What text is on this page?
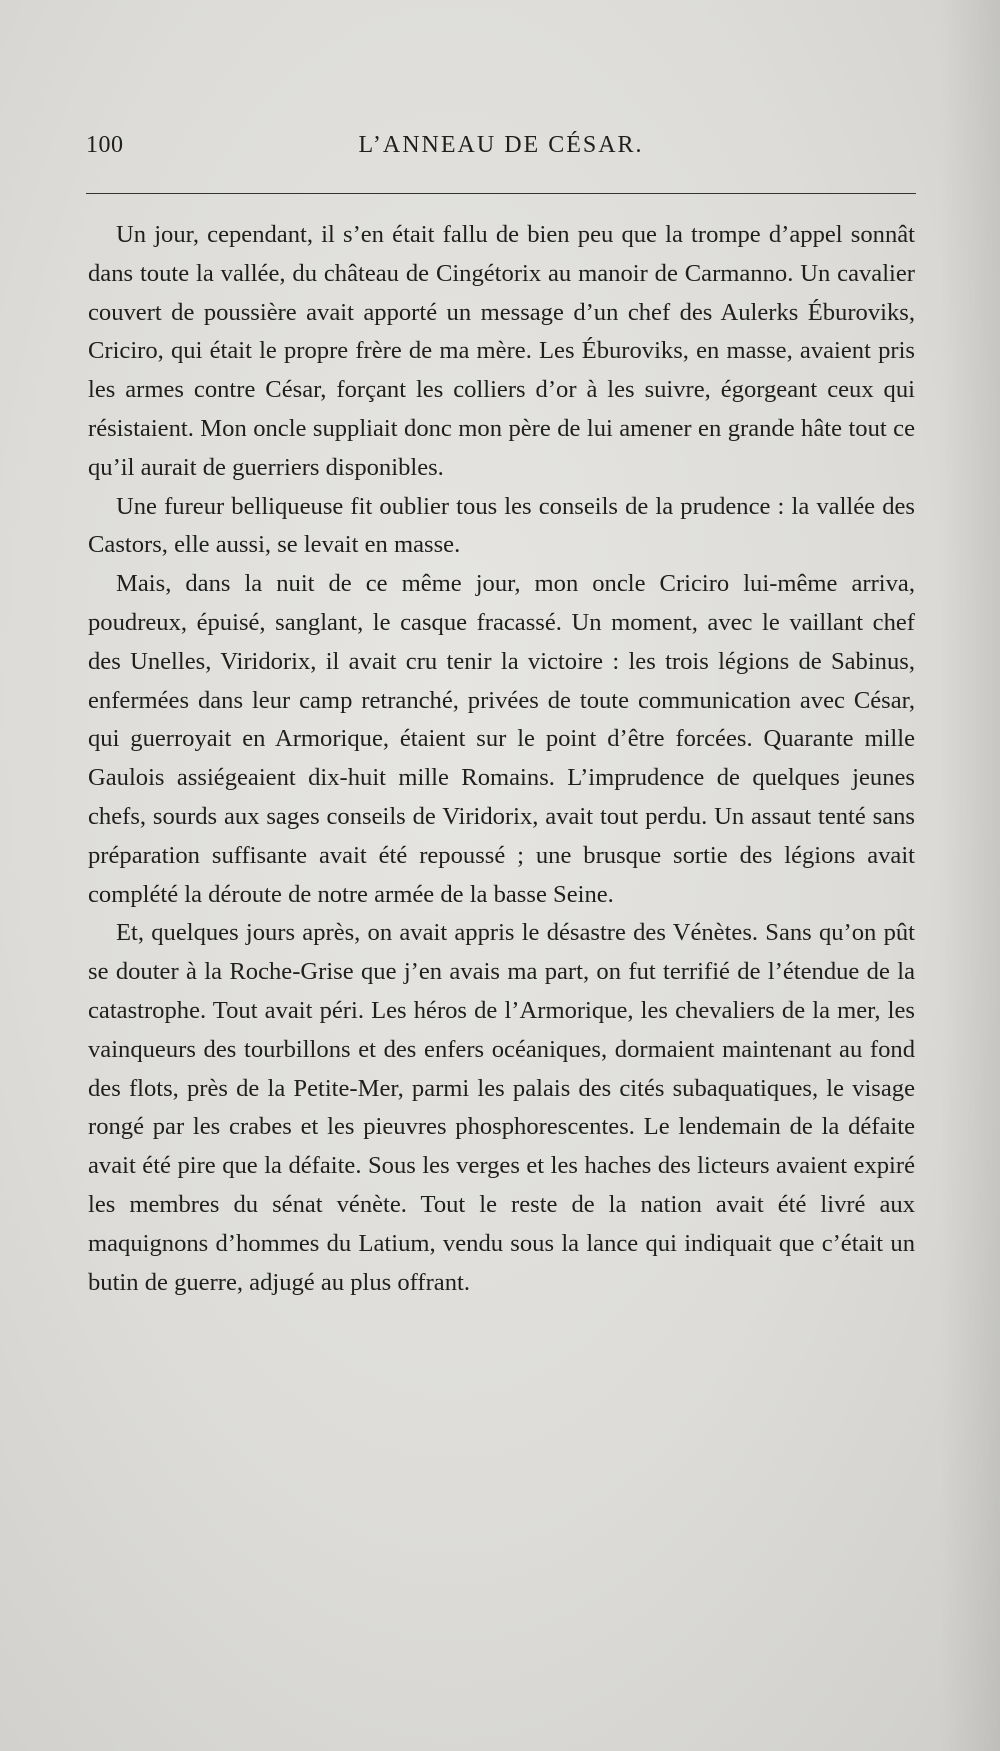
100	L’ANNEAU DE CÉSAR.

Un jour, cependant, il s’en était fallu de bien peu que la trompe d’appel sonnât dans toute la vallée, du château de Cingétorix au manoir de Carmanno. Un cavalier couvert de poussière avait apporté un message d’un chef des Aulerks Éburoviks, Criciro, qui était le propre frère de ma mère. Les Éburoviks, en masse, avaient pris les armes contre César, forçant les colliers d’or à les suivre, égorgeant ceux qui résistaient. Mon oncle suppliait donc mon père de lui amener en grande hâte tout ce qu’il aurait de guerriers disponibles.

Une fureur belliqueuse fit oublier tous les conseils de la prudence : la vallée des Castors, elle aussi, se levait en masse.

Mais, dans la nuit de ce même jour, mon oncle Criciro lui-même arriva, poudreux, épuisé, sanglant, le casque fracassé. Un moment, avec le vaillant chef des Unelles, Viridorix, il avait cru tenir la victoire : les trois légions de Sabinus, enfermées dans leur camp retranché, privées de toute communication avec César, qui guerroyait en Armorique, étaient sur le point d’être forcées. Quarante mille Gaulois assiégeaient dix-huit mille Romains. L’imprudence de quelques jeunes chefs, sourds aux sages conseils de Viridorix, avait tout perdu. Un assaut tenté sans préparation suffisante avait été repoussé ; une brusque sortie des légions avait complété la déroute de notre armée de la basse Seine.

Et, quelques jours après, on avait appris le désastre des Vénètes. Sans qu’on pût se douter à la Roche-Grise que j’en avais ma part, on fut terrifié de l’étendue de la catastrophe. Tout avait péri. Les héros de l’Armorique, les chevaliers de la mer, les vainqueurs des tourbillons et des enfers océaniques, dormaient maintenant au fond des flots, près de la Petite-Mer, parmi les palais des cités subaquatiques, le visage rongé par les crabes et les pieuvres phosphorescentes. Le lendemain de la défaite avait été pire que la défaite. Sous les verges et les haches des licteurs avaient expiré les membres du sénat vénète. Tout le reste de la nation avait été livré aux maquignons d’hommes du Latium, vendu sous la lance qui indiquait que c’était un butin de guerre, adjugé au plus offrant.
